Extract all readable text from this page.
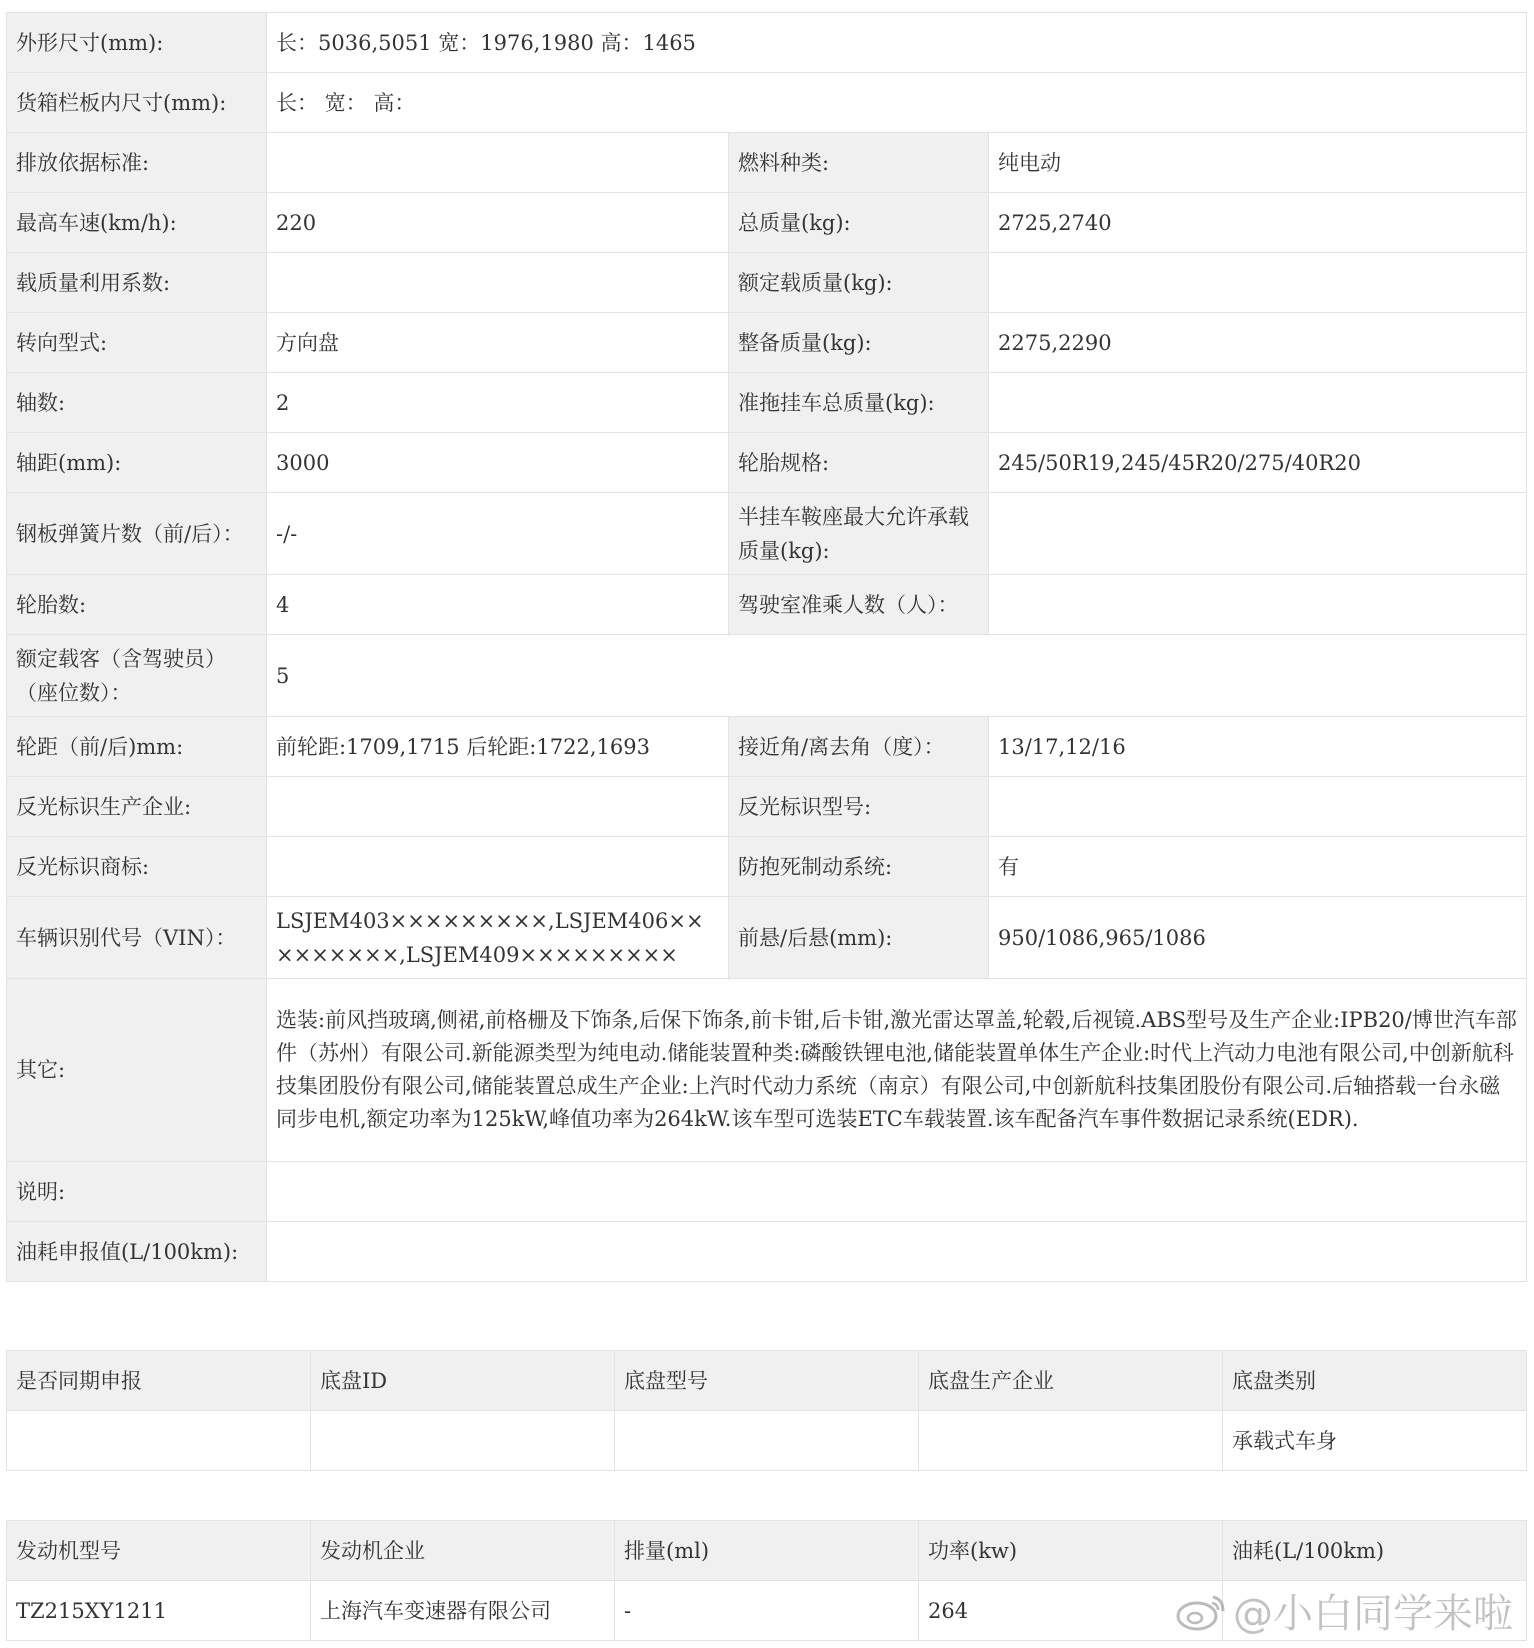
外形尺寸(mm):	长：5036,5051 宽：1976,1980 高：1465		
货箱栏板内尺寸(mm):	长： 宽： 高：		
排放依据标准:		燃料种类:	纯电动
最高车速(km/h):	220	总质量(kg):	2725,2740
载质量利用系数:		额定载质量(kg):	
转向型式:	方向盘	整备质量(kg):	2275,2290
轴数:	2	准拖挂车总质量(kg):	
轴距(mm):	3000	轮胎规格:	245/50R19,245/45R20/275/40R20
钢板弹簧片数（前/后）：	-/-	半挂车鞍座最大允许承载质量(kg):	
轮胎数:	4	驾驶室准乘人数（人）：	
额定载客（含驾驶员）（座位数）：	5		
轮距（前/后)mm:	前轮距:1709,1715 后轮距:1722,1693	接近角/离去角（度）：	13/17,12/16
反光标识生产企业:		反光标识型号:	
反光标识商标:		防抱死制动系统:	有
车辆识别代号（VIN）：	LSJEM403×××××××××,LSJEM406×××××××××,LSJEM409×××××××××	前悬/后悬(mm):	950/1086,965/1086
其它:	选装:前风挡玻璃,侧裙,前格栅及下饰条,后保下饰条,前卡钳,后卡钳,激光雷达罩盖,轮毂,后视镜.ABS型号及生产企业:IPB20/博世汽车部件（苏州）有限公司.新能源类型为纯电动.储能装置种类:磷酸铁锂电池,储能装置单体生产企业:时代上汽动力电池有限公司,中创新航科技集团股份有限公司,储能装置总成生产企业:上汽时代动力系统（南京）有限公司,中创新航科技集团股份有限公司.后轴搭载一台永磁同步电机,额定功率为125kW,峰值功率为264kW.该车型可选装ETC车载装置.该车配备汽车事件数据记录系统(EDR).		
说明:			
油耗申报值(L/100km):			
是否同期申报	底盘ID	底盘型号	底盘生产企业	底盘类别
				承载式车身
发动机型号	发动机企业	排量(ml)	功率(kw)	油耗(L/100km)
TZ215XY1211	上海汽车变速器有限公司	-	264		@小白同学来啦
